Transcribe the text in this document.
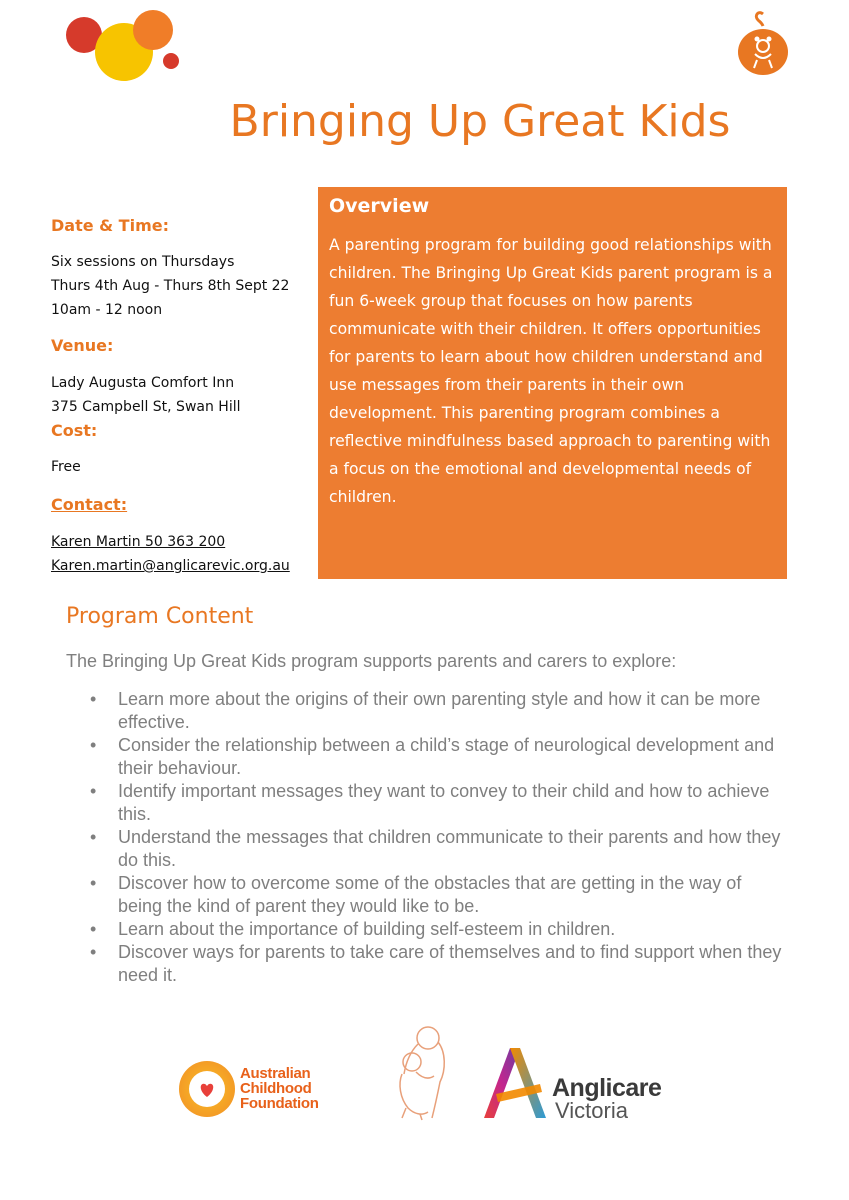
Bringing Up Great Kids
Date & Time:
Six sessions on Thursdays
Thurs 4th Aug - Thurs 8th Sept 22
10am - 12 noon
Venue:
Lady Augusta Comfort Inn
375 Campbell St, Swan Hill
Cost:
Free
Contact:
Karen Martin 50 363 200
Karen.martin@anglicarevic.org.au
Overview

A parenting program for building good relationships with children. The Bringing Up Great Kids parent program is a fun 6-week group that focuses on how parents communicate with their children. It offers opportunities for parents to learn about how children understand and use messages from their parents in their own development. This parenting program combines a reflective mindfulness based approach to parenting with a focus on the emotional and developmental needs of children.

Program Content
The Bringing Up Great Kids program supports parents and carers to explore:
• Learn more about the origins of their own parenting style and how it can be more effective.
• Consider the relationship between a child’s stage of neurological development and their behaviour.
• Identify important messages they want to convey to their child and how to achieve this.
• Understand the messages that children communicate to their parents and how they do this.
• Discover how to overcome some of the obstacles that are getting in the way of being the kind of parent they would like to be.
• Learn about the importance of building self-esteem in children.
• Discover ways for parents to take care of themselves and to find support when they need it.
Australian
Childhood
Foundation
Anglicare
Victoria
